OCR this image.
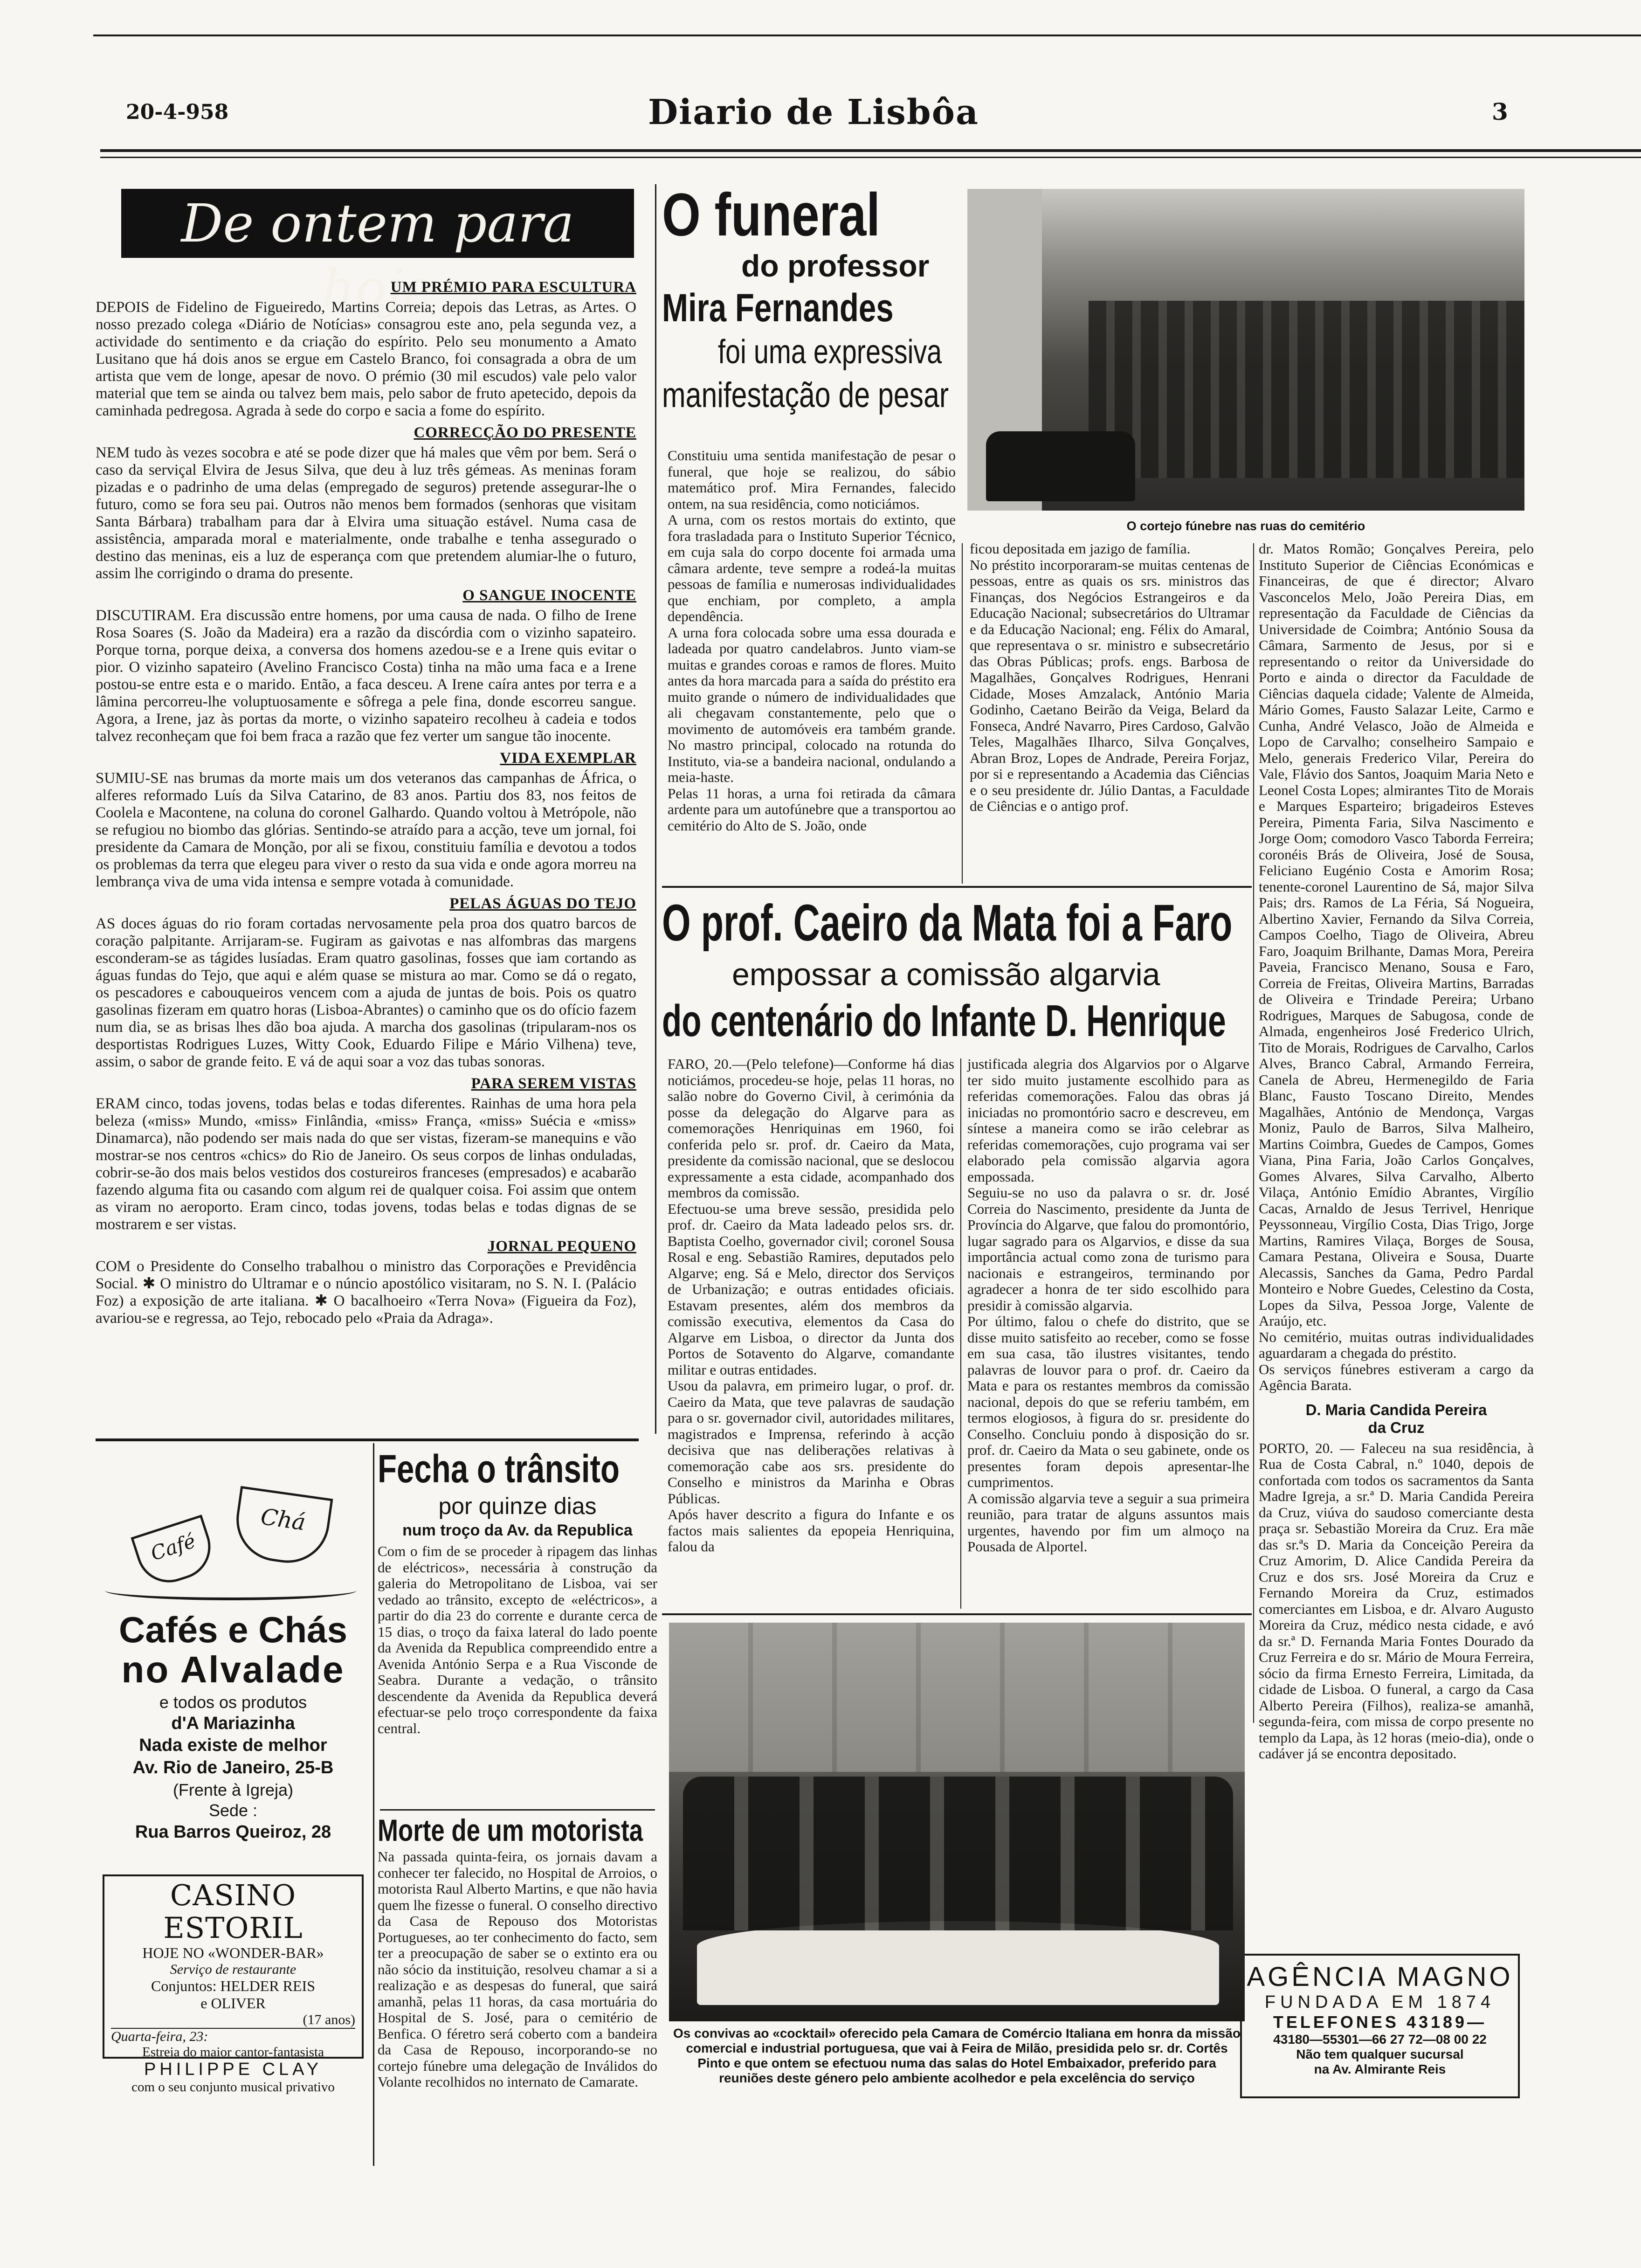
20-4-958	Diario de Lisbôa	3
De ontem para hoje
UM PRÉMIO PARA ESCULTURA

DEPOIS de Fidelino de Figueiredo, Martins Correia; depois das Letras, as Artes. O nosso prezado colega «Diário de Notícias» consagrou este ano, pela segunda vez, a actividade do sentimento e da criação do espírito. Pelo seu monumento a Amato Lusitano que há dois anos se ergue em Castelo Branco, foi consagrada a obra de um artista que vem de longe, apesar de novo. O prémio (30 mil escudos) vale pelo valor material que tem se ainda ou talvez bem mais, pelo sabor de fruto apetecido, depois da caminhada pedregosa. Agrada à sede do corpo e sacia a fome do espírito.

CORRECÇÃO DO PRESENTE

NEM tudo às vezes socobra e até se pode dizer que há males que vêm por bem. Será o caso da serviçal Elvira de Jesus Silva, que deu à luz três gémeas. As meninas foram pizadas e o padrinho de uma delas (empregado de seguros) pretende assegurar-lhe o futuro, como se fora seu pai. Outros não menos bem formados (senhoras que visitam Santa Bárbara) trabalham para dar à Elvira uma situação estável. Numa casa de assistência, amparada moral e materialmente, onde trabalhe e tenha assegurado o destino das meninas, eis a luz de esperança com que pretendem alumiar-lhe o futuro, assim lhe corrigindo o drama do presente.

O SANGUE INOCENTE

DISCUTIRAM. Era discussão entre homens, por uma causa de nada. O filho de Irene Rosa Soares (S. João da Madeira) era a razão da discórdia com o vizinho sapateiro. Porque torna, porque deixa, a conversa dos homens azedou-se e a Irene quis evitar o pior. O vizinho sapateiro (Avelino Francisco Costa) tinha na mão uma faca e a Irene postou-se entre esta e o marido. Então, a faca desceu. A Irene caíra antes por terra e a lâmina percorreu-lhe voluptuosamente e sôfrega a pele fina, donde escorreu sangue. Agora, a Irene, jaz às portas da morte, o vizinho sapateiro recolheu à cadeia e todos talvez reconheçam que foi bem fraca a razão que fez verter um sangue tão inocente.

VIDA EXEMPLAR

SUMIU-SE nas brumas da morte mais um dos veteranos das campanhas de África, o alferes reformado Luís da Silva Catarino, de 83 anos. Partiu dos 83, nos feitos de Coolela e Macontene, na coluna do coronel Galhardo. Quando voltou à Metrópole, não se refugiou no biombo das glórias. Sentindo-se atraído para a acção, teve um jornal, foi presidente da Camara de Monção, por ali se fixou, constituiu família e devotou a todos os problemas da terra que elegeu para viver o resto da sua vida e onde agora morreu na lembrança viva de uma vida intensa e sempre votada à comunidade.

PELAS ÁGUAS DO TEJO

AS doces águas do rio foram cortadas nervosamente pela proa dos quatro barcos de coração palpitante. Arrijaram-se. Fugiram as gaivotas e nas alfombras das margens esconderam-se as tágides lusíadas. Eram quatro gasolinas, fosses que iam cortando as águas fundas do Tejo, que aqui e além quase se mistura ao mar. Como se dá o regato, os pescadores e cabouqueiros vencem com a ajuda de juntas de bois. Pois os quatro gasolinas fizeram em quatro horas (Lisboa-Abrantes) o caminho que os do ofício fazem num dia, se as brisas lhes dão boa ajuda. A marcha dos gasolinas (tripularam-nos os desportistas Rodrigues Luzes, Witty Cook, Eduardo Filipe e Mário Vilhena) teve, assim, o sabor de grande feito. E vá de aqui soar a voz das tubas sonoras.

PARA SEREM VISTAS

ERAM cinco, todas jovens, todas belas e todas diferentes. Rainhas de uma hora pela beleza («miss» Mundo, «miss» Finlândia, «miss» França, «miss» Suécia e «miss» Dinamarca), não podendo ser mais nada do que ser vistas, fizeram-se manequins e vão mostrar-se nos centros «chics» do Rio de Janeiro. Os seus corpos de linhas onduladas, cobrir-se-ão dos mais belos vestidos dos costureiros franceses (empresados) e acabarão fazendo alguma fita ou casando com algum rei de qualquer coisa. Foi assim que ontem as viram no aeroporto. Eram cinco, todas jovens, todas belas e todas dignas de se mostrarem e ser vistas.

JORNAL PEQUENO

COM o Presidente do Conselho trabalhou o ministro das Corporações e Previdência Social. ✱ O ministro do Ultramar e o núncio apostólico visitaram, no S. N. I. (Palácio Foz) a exposição de arte italiana. ✱ O bacalhoeiro «Terra Nova» (Figueira da Foz), avariou-se e regressa, ao Tejo, rebocado pelo «Praia da Adraga».

O funeral
do professor
Mira Fernandes
foi uma expressiva
manifestação de pesar

O cortejo fúnebre nas ruas do cemitério

Constituiu uma sentida manifestação de pesar o funeral, que hoje se realizou, do sábio matemático prof. Mira Fernandes, falecido ontem, na sua residência, como noticiámos.
A urna, com os restos mortais do extinto, que fora trasladada para o Instituto Superior Técnico, em cuja sala do corpo docente foi armada uma câmara ardente, teve sempre a rodeá-la muitas pessoas de família e numerosas individualidades que enchiam, por completo, a ampla dependência.
A urna fora colocada sobre uma essa dourada e ladeada por quatro candelabros. Junto viam-se muitas e grandes coroas e ramos de flores. Muito antes da hora marcada para a saída do préstito era muito grande o número de individualidades que ali chegavam constantemente, pelo que o movimento de automóveis era também grande. No mastro principal, colocado na rotunda do Instituto, via-se a bandeira nacional, ondulando a meia-haste.
Pelas 11 horas, a urna foi retirada da câmara ardente para um autofúnebre que a transportou ao cemitério do Alto de S. João, onde

ficou depositada em jazigo de família.
No préstito incorporaram-se muitas centenas de pessoas, entre as quais os srs. ministros das Finanças, dos Negócios Estrangeiros e da Educação Nacional; subsecretários do Ultramar e da Educação Nacional; eng. Félix do Amaral, que representava o sr. ministro e subsecretário das Obras Públicas; profs. engs. Barbosa de Magalhães, Gonçalves Rodrigues, Henrani Cidade, Moses Amzalack, António Maria Godinho, Caetano Beirão da Veiga, Belard da Fonseca, André Navarro, Pires Cardoso, Galvão Teles, Magalhães Ilharco, Silva Gonçalves, Abran Broz, Lopes de Andrade, Pereira Forjaz, por si e representando a Academia das Ciências e o seu presidente dr. Júlio Dantas, a Faculdade de Ciências e o antigo prof.

dr. Matos Romão; Gonçalves Pereira, pelo Instituto Superior de Ciências Económicas e Financeiras, de que é director; Alvaro Vasconcelos Melo, João Pereira Dias, em representação da Faculdade de Ciências da Universidade de Coimbra; António Sousa da Câmara, Sarmento de Jesus, por si e representando o reitor da Universidade do Porto e ainda o director da Faculdade de Ciências daquela cidade; Valente de Almeida, Mário Gomes, Fausto Salazar Leite, Carmo e Cunha, André Velasco, João de Almeida e Lopo de Carvalho; conselheiro Sampaio e Melo, generais Frederico Vilar, Pereira do Vale, Flávio dos Santos, Joaquim Maria Neto e Leonel Costa Lopes; almirantes Tito de Morais e Marques Esparteiro; brigadeiros Esteves Pereira, Pimenta Faria, Silva Nascimento e Jorge Oom; comodoro Vasco Taborda Ferreira; coronéis Brás de Oliveira, José de Sousa, Feliciano Eugénio Costa e Amorim Rosa; tenente-coronel Laurentino de Sá, major Silva Pais; drs. Ramos de La Féria, Sá Nogueira, Albertino Xavier, Fernando da Silva Correia, Campos Coelho, Tiago de Oliveira, Abreu Faro, Joaquim Brilhante, Damas Mora, Pereira Paveia, Francisco Menano, Sousa e Faro, Correia de Freitas, Oliveira Martins, Barradas de Oliveira e Trindade Pereira; Urbano Rodrigues, Marques de Sabugosa, conde de Almada, engenheiros José Frederico Ulrich, Tito de Morais, Rodrigues de Carvalho, Carlos Alves, Branco Cabral, Armando Ferreira, Canela de Abreu, Hermenegildo de Faria Blanc, Fausto Toscano Direito, Mendes Magalhães, António de Mendonça, Vargas Moniz, Paulo de Barros, Silva Malheiro, Martins Coimbra, Guedes de Campos, Gomes Viana, Pina Faria, João Carlos Gonçalves, Gomes Alvares, Silva Carvalho, Alberto Vilaça, António Emídio Abrantes, Virgílio Cacas, Arnaldo de Jesus Terrivel, Henrique Peyssonneau, Virgílio Costa, Dias Trigo, Jorge Martins, Ramires Vilaça, Borges de Sousa, Camara Pestana, Oliveira e Sousa, Duarte Alecassis, Sanches da Gama, Pedro Pardal Monteiro e Nobre Guedes, Celestino da Costa, Lopes da Silva, Pessoa Jorge, Valente de Araújo, etc.
No cemitério, muitas outras individualidades aguardaram a chegada do préstito.
Os serviços fúnebres estiveram a cargo da Agência Barata.

D. Maria Candida Pereira
da Cruz

PORTO, 20. — Faleceu na sua residência, à Rua de Costa Cabral, n.º 1040, depois de confortada com todos os sacramentos da Santa Madre Igreja, a sr.ª D. Maria Candida Pereira da Cruz, viúva do saudoso comerciante desta praça sr. Sebastião Moreira da Cruz. Era mãe das sr.ªs D. Maria da Conceição Pereira da Cruz Amorim, D. Alice Candida Pereira da Cruz e dos srs. José Moreira da Cruz e Fernando Moreira da Cruz, estimados comerciantes em Lisboa, e dr. Alvaro Augusto Moreira da Cruz, médico nesta cidade, e avó da sr.ª D. Fernanda Maria Fontes Dourado da Cruz Ferreira e do sr. Mário de Moura Ferreira, sócio da firma Ernesto Ferreira, Limitada, da cidade de Lisboa. O funeral, a cargo da Casa Alberto Pereira (Filhos), realiza-se amanhã, segunda-feira, com missa de corpo presente no templo da Lapa, às 12 horas (meio-dia), onde o cadáver já se encontra depositado.

AGÊNCIA MAGNO
FUNDADA EM 1874
TELEFONES 43189—
43180—55301—66 27 72—08 00 22
Não tem qualquer sucursal
na Av. Almirante Reis
O prof. Caeiro da Mata foi a Faro
empossar a comissão algarvia
do centenário do Infante D. Henrique

FARO, 20.—(Pelo telefone)—Conforme há dias noticiámos, procedeu-se hoje, pelas 11 horas, no salão nobre do Governo Civil, à cerimónia da posse da delegação do Algarve para as comemorações Henriquinas em 1960, foi conferida pelo sr. prof. dr. Caeiro da Mata, presidente da comissão nacional, que se deslocou expressamente a esta cidade, acompanhado dos membros da comissão.
Efectuou-se uma breve sessão, presidida pelo prof. dr. Caeiro da Mata ladeado pelos srs. dr. Baptista Coelho, governador civil; coronel Sousa Rosal e eng. Sebastião Ramires, deputados pelo Algarve; eng. Sá e Melo, director dos Serviços de Urbanização; e outras entidades oficiais. Estavam presentes, além dos membros da comissão executiva, elementos da Casa do Algarve em Lisboa, o director da Junta dos Portos de Sotavento do Algarve, comandante militar e outras entidades.
Usou da palavra, em primeiro lugar, o prof. dr. Caeiro da Mata, que teve palavras de saudação para o sr. governador civil, autoridades militares, magistrados e Imprensa, referindo à acção decisiva que nas deliberações relativas à comemoração cabe aos srs. presidente do Conselho e ministros da Marinha e Obras Públicas.
Após haver descrito a figura do Infante e os factos mais salientes da epopeia Henriquina, falou da

justificada alegria dos Algarvios por o Algarve ter sido muito justamente escolhido para as referidas comemorações. Falou das obras já iniciadas no promontório sacro e descreveu, em síntese a maneira como se irão celebrar as referidas comemorações, cujo programa vai ser elaborado pela comissão algarvia agora empossada.
Seguiu-se no uso da palavra o sr. dr. José Correia do Nascimento, presidente da Junta de Província do Algarve, que falou do promontório, lugar sagrado para os Algarvios, e disse da sua importância actual como zona de turismo para nacionais e estrangeiros, terminando por agradecer a honra de ter sido escolhido para presidir à comissão algarvia.
Por último, falou o chefe do distrito, que se disse muito satisfeito ao receber, como se fosse em sua casa, tão ilustres visitantes, tendo palavras de louvor para o prof. dr. Caeiro da Mata e para os restantes membros da comissão nacional, depois do que se referiu também, em termos elogiosos, à figura do sr. presidente do Conselho. Concluiu pondo à disposição do sr. prof. dr. Caeiro da Mata o seu gabinete, onde os presentes foram depois apresentar-lhe cumprimentos.
A comissão algarvia teve a seguir a sua primeira reunião, para tratar de alguns assuntos mais urgentes, havendo por fim um almoço na Pousada de Alportel.

Os convivas ao «cocktail» oferecido pela Camara de Comércio Italiana em honra da missão comercial e industrial portuguesa, que vai à Feira de Milão, presidida pelo sr. dr. Cortês Pinto e que ontem se efectuou numa das salas do Hotel Embaixador, preferido para reuniões deste género pelo ambiente acolhedor e pela excelência do serviço

Fecha o trânsito
por quinze dias
num troço da Av. da Republica

Com o fim de se proceder à ripagem das linhas de eléctricos», necessária à construção da galeria do Metropolitano de Lisboa, vai ser vedado ao trânsito, excepto de «eléctricos», a partir do dia 23 do corrente e durante cerca de 15 dias, o troço da faixa lateral do lado poente da Avenida da Republica compreendido entre a Avenida António Serpa e a Rua Visconde de Seabra. Durante a vedação, o trânsito descendente da Avenida da Republica deverá efectuar-se pelo troço correspondente da faixa central.

Morte de um motorista

Na passada quinta-feira, os jornais davam a conhecer ter falecido, no Hospital de Arroios, o motorista Raul Alberto Martins, e que não havia quem lhe fizesse o funeral. O conselho directivo da Casa de Repouso dos Motoristas Portugueses, ao ter conhecimento do facto, sem ter a preocupação de saber se o extinto era ou não sócio da instituição, resolveu chamar a si a realização e as despesas do funeral, que sairá amanhã, pelas 11 horas, da casa mortuária do Hospital de S. José, para o cemitério de Benfica. O féretro será coberto com a bandeira da Casa de Repouso, incorporando-se no cortejo fúnebre uma delegação de Inválidos do Volante recolhidos no internato de Camarate.

Café
Chá
Cafés e Chás
no Alvalade
e todos os produtos
d'A Mariazinha
Nada existe de melhor
Av. Rio de Janeiro, 25-B
(Frente à Igreja)
Sede :
Rua Barros Queiroz, 28
CASINO ESTORIL
HOJE NO «WONDER-BAR»
Serviço de restaurante
Conjuntos: HELDER REIS
e OLIVER
(17 anos)
Quarta-feira, 23:
Estreia do maior cantor-fantasista
PHILIPPE CLAY
com o seu conjunto musical privativo
